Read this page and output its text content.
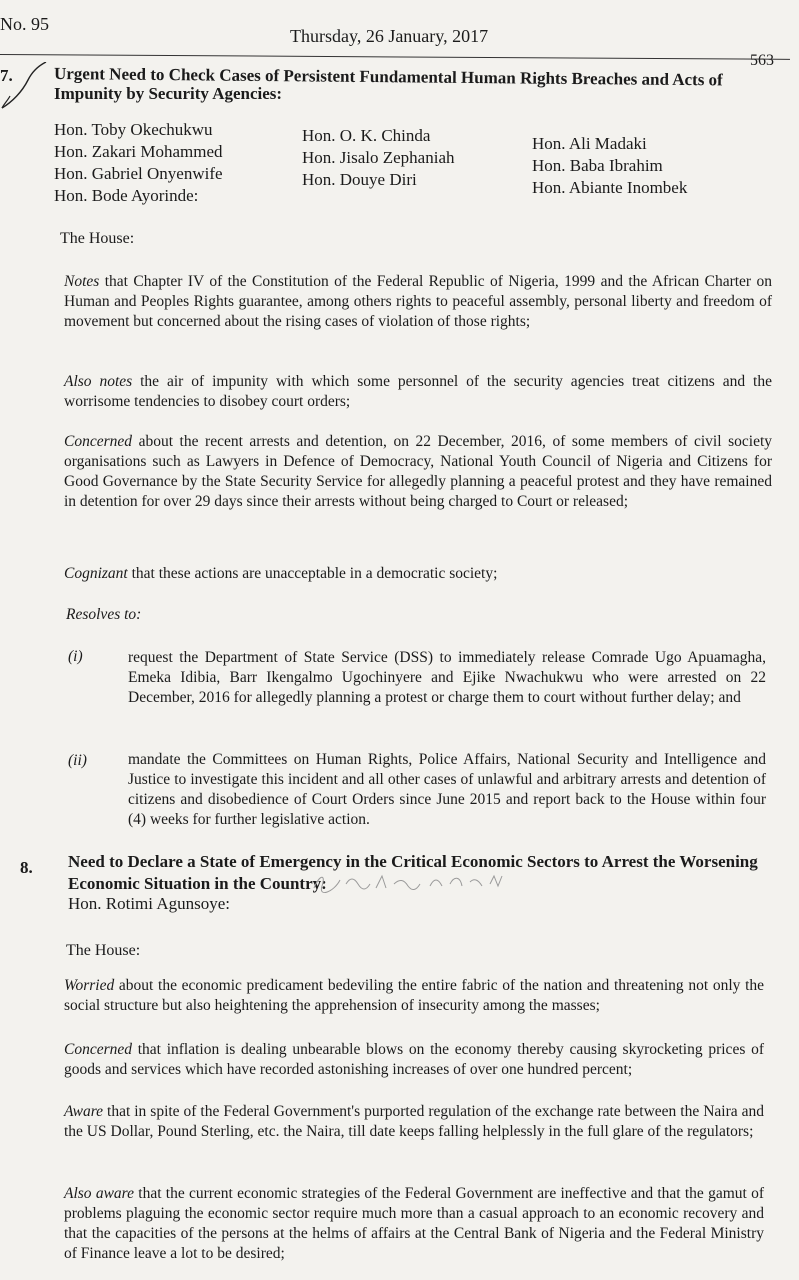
No. 95
Thursday, 26 January, 2017
563
7. Urgent Need to Check Cases of Persistent Fundamental Human Rights Breaches and Acts of
Impunity by Security Agencies:
Hon. Toby Okechukwu
Hon. Zakari Mohammed
Hon. Gabriel Onyenwife
Hon. Bode Ayorinde:
Hon. O. K. Chinda
Hon. Jisalo Zephaniah
Hon. Douye Diri
Hon. Ali Madaki
Hon. Baba Ibrahim
Hon. Abiante Inombek
The House:
Notes that Chapter IV of the Constitution of the Federal Republic of Nigeria, 1999 and the African Charter on Human and Peoples Rights guarantee, among others rights to peaceful assembly, personal liberty and freedom of movement but concerned about the rising cases of violation of those rights;
Also notes the air of impunity with which some personnel of the security agencies treat citizens and the worrisome tendencies to disobey court orders;
Concerned about the recent arrests and detention, on 22 December, 2016, of some members of civil society organisations such as Lawyers in Defence of Democracy, National Youth Council of Nigeria and Citizens for Good Governance by the State Security Service for allegedly planning a peaceful protest and they have remained in detention for over 29 days since their arrests without being charged to Court or released;
Cognizant that these actions are unacceptable in a democratic society;
Resolves to:
(i)	request the Department of State Service (DSS) to immediately release Comrade Ugo Apuamagha, Emeka Idibia, Barr Ikengalmo Ugochinyere and Ejike Nwachukwu who were arrested on 22 December, 2016 for allegedly planning a protest or charge them to court without further delay; and
(ii)	mandate the Committees on Human Rights, Police Affairs, National Security and Intelligence and Justice to investigate this incident and all other cases of unlawful and arbitrary arrests and detention of citizens and disobedience of Court Orders since June 2015 and report back to the House within four (4) weeks for further legislative action.
8. Need to Declare a State of Emergency in the Critical Economic Sectors to Arrest the Worsening
Economic Situation in the Country:
Hon. Rotimi Agunsoye:
The House:
Worried about the economic predicament bedeviling the entire fabric of the nation and threatening not only the social structure but also heightening the apprehension of insecurity among the masses;
Concerned that inflation is dealing unbearable blows on the economy thereby causing skyrocketing prices of goods and services which have recorded astonishing increases of over one hundred percent;
Aware that in spite of the Federal Government's purported regulation of the exchange rate between the Naira and the US Dollar, Pound Sterling, etc. the Naira, till date keeps falling helplessly in the full glare of the regulators;
Also aware that the current economic strategies of the Federal Government are ineffective and that the gamut of problems plaguing the economic sector require much more than a casual approach to an economic recovery and that the capacities of the persons at the helms of affairs at the Central Bank of Nigeria and the Federal Ministry of Finance leave a lot to be desired;
